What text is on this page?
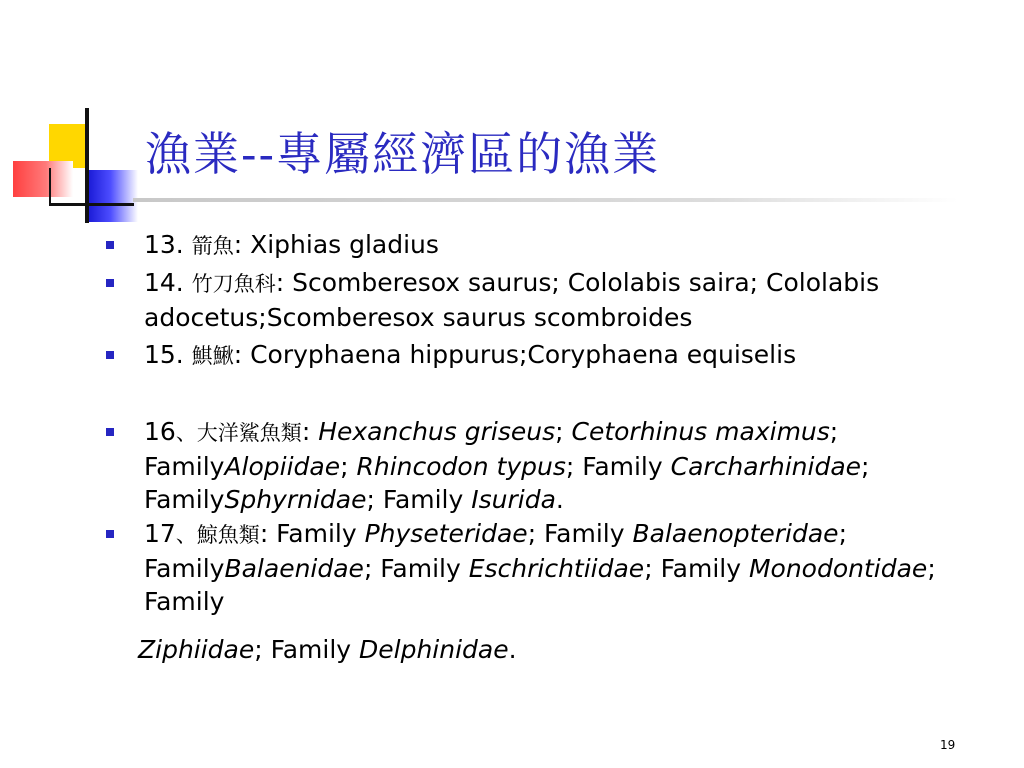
漁業--專屬經濟區的漁業
13. 箭魚: Xiphias gladius
14. 竹刀魚科: Scomberesox saurus; Cololabis saira; Cololabis adocetus;Scomberesox saurus scombroides
15. 鯕鰍: Coryphaena hippurus;Coryphaena equiselis
16、大洋鯊魚類: Hexanchus griseus; Cetorhinus maximus; FamilyAlopiidae; Rhincodon typus; Family Carcharhinidae; FamilySphyrnidae; Family Isurida.
17、鯨魚類: Family Physeteridae; Family Balaenopteridae; FamilyBalaenidae; Family Eschrichtiidae; Family Monodontidae; Family
Ziphiidae; Family Delphinidae.
19
